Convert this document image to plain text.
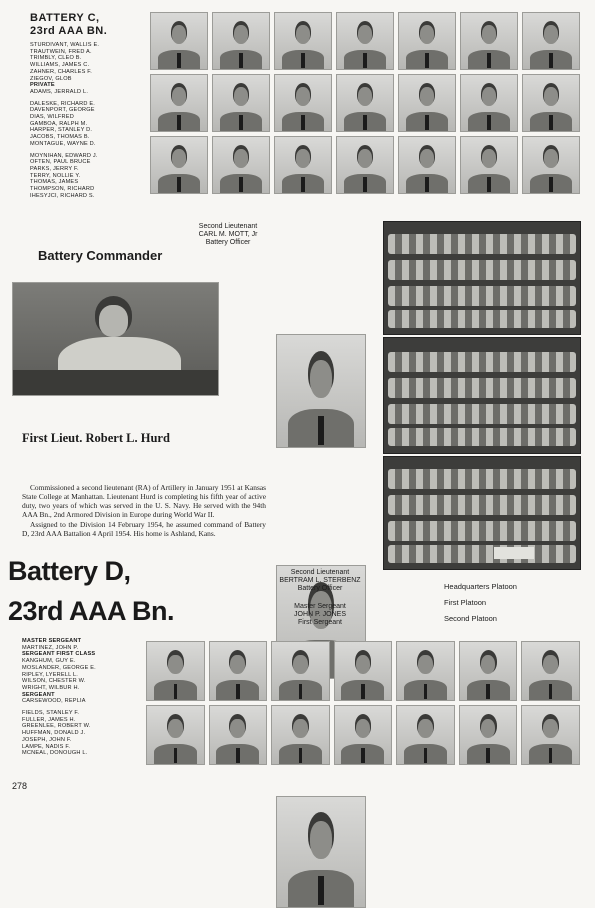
BATTERY C,
23rd AAA BN.
STURDIVANT, WALLIS E.
TRAUTWEIN, FRED A.
TRIMBLY, CLEO B.
WILLIAMS, JAMES C.
ZAHNER, CHARLES F.
ZIEGOV, GLOB
PRIVATE
ADAMS, JERRALD L.
DALESKE, RICHARD E.
DAVENPORT, GEORGE
DIAS, WILFRED
GAMBOA, RALPH M.
HARPER, STANLEY D.
JACOBS, THOMAS B.
MONTAGUE, WAYNE D.
MOYNIHAN, EDWARD J.
OFTEN, PAUL BRUCE
PARKS, JERRY F.
TERRY, NOLLIE Y.
THOMAS, JAMES
THOMPSON, RICHARD
IHESYJCI, RICHARD S.
Second Lieutenant
CARL M. MOTT, Jr
Battery Officer
Battery Commander
First Lieut. Robert L. Hurd

Commissioned a second lieutenant (RA) of Artillery in January 1951 at Kansas State College at Manhattan. Lieutenant Hurd is completing his fifth year of active duty, two years of which was served in the U. S. Navy. He served with the 94th AAA Bn., 2nd Armored Division in Europe during World War II.

Assigned to the Division 14 February 1954, he assumed command of Battery D, 23rd AAA Battalion 4 April 1954. His home is Ashland, Kans.

Battery D,
23rd AAA Bn.
Second Lieutenant
BERTRAM L. STERBENZ
Battery Officer
Master Sergeant
JOHN P. JONES
First Sergeant
Headquarters Platoon
First Platoon
Second Platoon
MASTER SERGEANT
MARTINEZ, JOHN P.
SERGEANT FIRST CLASS
KANGHUM, GUY E.
MOSLANDER, GEORGE E.
RIPLEY, LYERELL L.
WILSON, CHESTER W.
WRIGHT, WILBUR H.
SERGEANT
CARSEWOOD, REPLIA
FIELDS, STANLEY F.
FULLER, JAMES H.
GREENLEE, ROBERT W.
HUFFMAN, DONALD J.
JOSEPH, JOHN F.
LAMPE, NADIS F.
MCNEAL, DONOUGH L.
278
